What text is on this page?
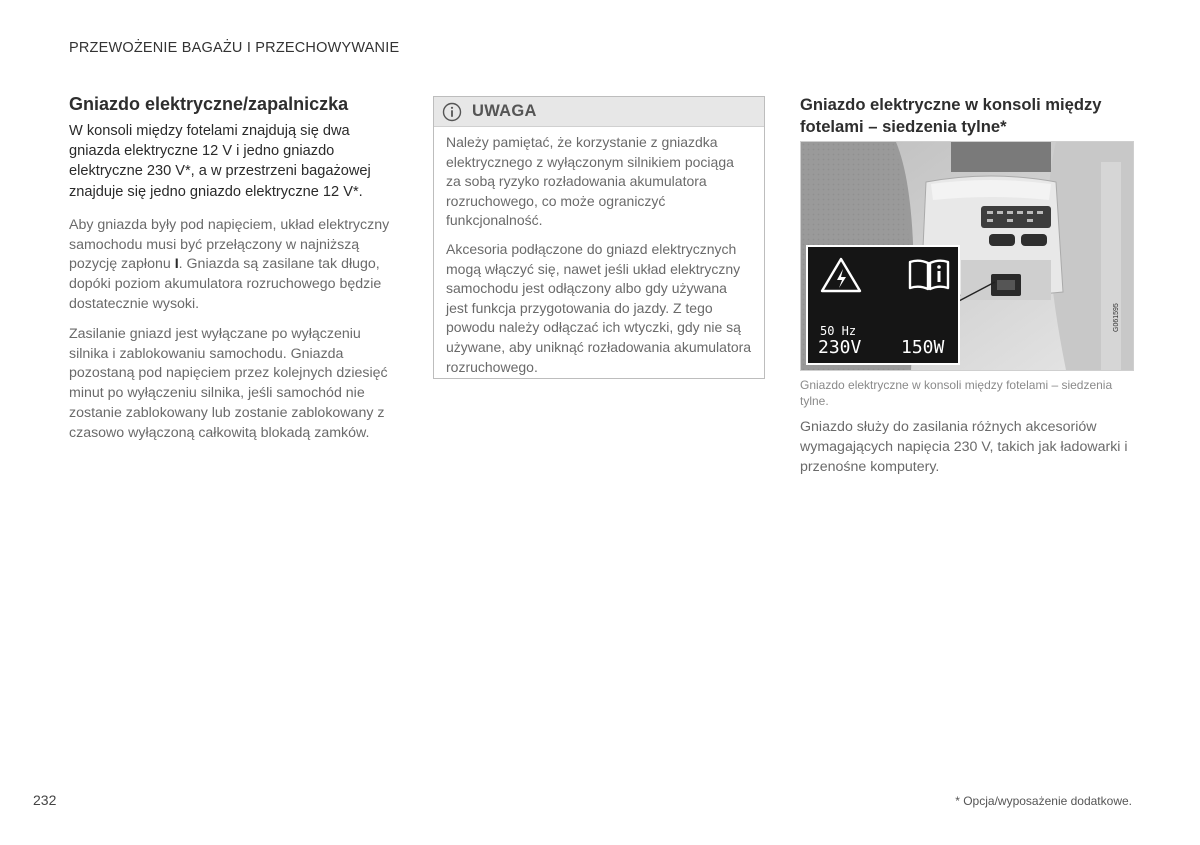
PRZEWOŻENIE BAGAŻU I PRZECHOWYWANIE
Gniazdo elektryczne/zapalniczka

W konsoli między fotelami znajdują się dwa gniazda elektryczne 12 V i jedno gniazdo elektryczne 230 V*, a w przestrzeni bagażowej znajduje się jedno gniazdo elektryczne 12 V*.

Aby gniazda były pod napięciem, układ elektryczny samochodu musi być przełączony w najniższą pozycję zapłonu I. Gniazda są zasilane tak długo, dopóki poziom akumulatora rozruchowego będzie dostatecznie wysoki.

Zasilanie gniazd jest wyłączane po wyłączeniu silnika i zablokowaniu samochodu. Gniazda pozostaną pod napięciem przez kolejnych dziesięć minut po wyłączeniu silnika, jeśli samochód nie zostanie zablokowany lub zostanie zablokowany z czasowo wyłączoną całkowitą blokadą zamków.

UWAGA

Należy pamiętać, że korzystanie z gniazdka elektrycznego z wyłączonym silnikiem pociąga za sobą ryzyko rozładowania akumulatora rozruchowego, co może ograniczyć funkcjonalność.

Akcesoria podłączone do gniazd elektrycznych mogą włączyć się, nawet jeśli układ elektryczny samochodu jest odłączony albo gdy używana jest funkcja przygotowania do jazdy. Z tego powodu należy odłączać ich wtyczki, gdy nie są używane, aby uniknąć rozładowania akumulatora rozruchowego.

Gniazdo elektryczne w konsoli między fotelami – siedzenia tylne*
50 Hz
230V 150W
G061595
Gniazdo elektryczne w konsoli między fotelami – siedzenia tylne.

Gniazdo służy do zasilania różnych akcesoriów wymagających napięcia 230 V, takich jak ładowarki i przenośne komputery.

232	* Opcja/wyposażenie dodatkowe.
